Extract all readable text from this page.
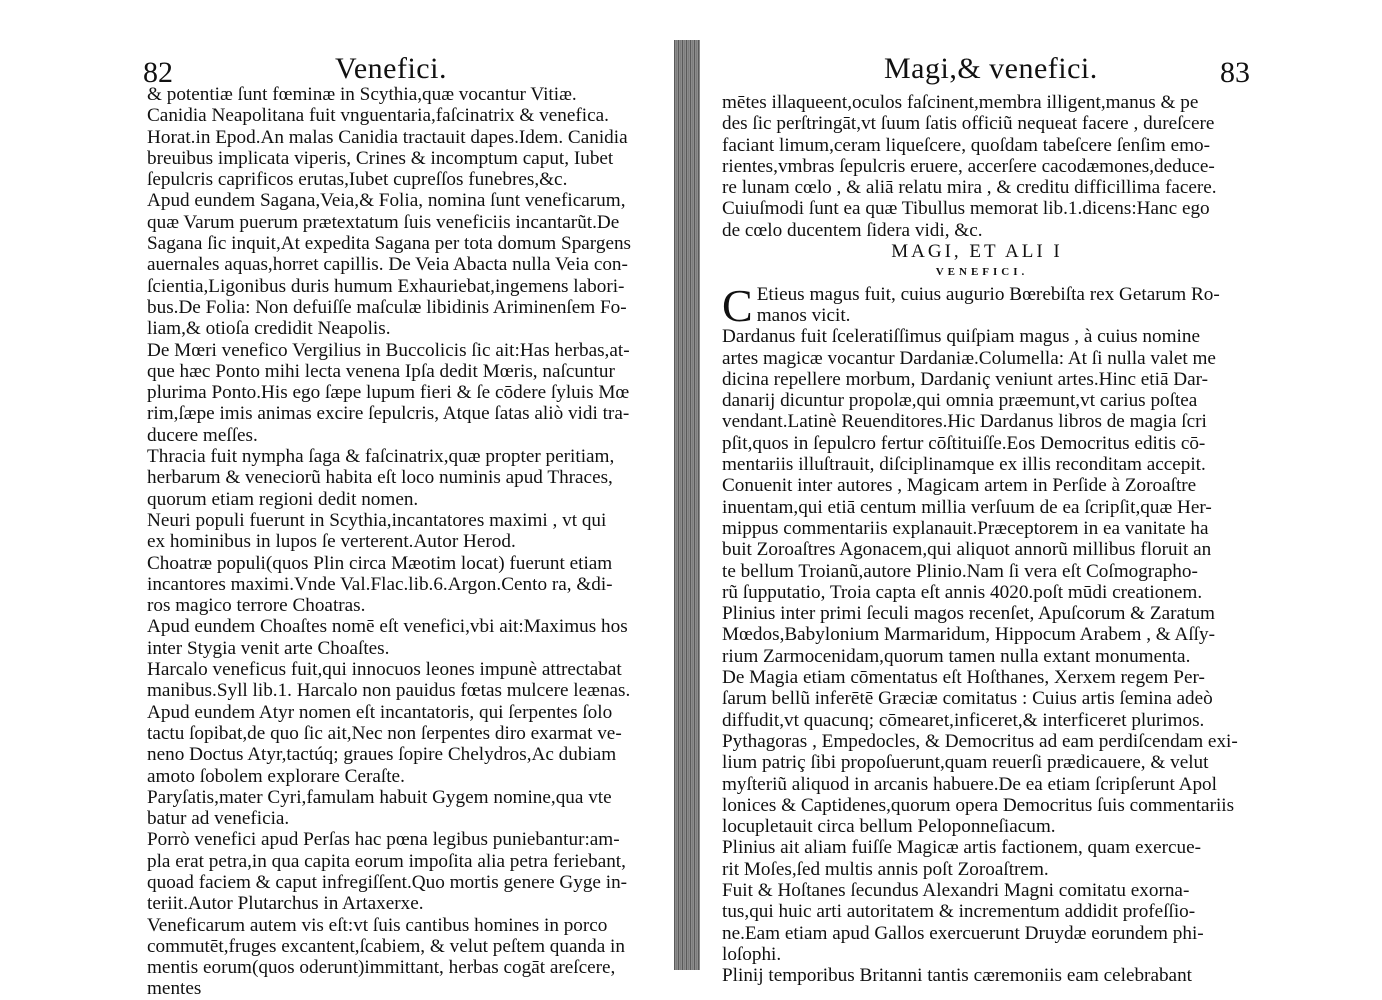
82	Venefici.
& potentiæ ſunt fœminæ in Scythia,quæ vocantur Vitiæ.
Canidia Neapolitana fuit vnguentaria,faſcinatrix & venefica.
Horat.in Epod.An malas Canidia tractauit dapes.Idem. Canidia
breuibus implicata viperis, Crines & incomptum caput, Iubet
ſepulcris caprificos erutas,Iubet cupreſſos funebres,&c.
Apud eundem Sagana,Veia,& Folia, nomina ſunt veneficarum,
quæ Varum puerum prætextatum ſuis veneficiis incantarũt.De
Sagana ſic inquit,At expedita Sagana per tota domum Spargens
auernales aquas,horret capillis. De Veia Abacta nulla Veia con-
ſcientia,Ligonibus duris humum Exhauriebat,ingemens labori-
bus.De Folia: Non defuiſſe maſculæ libidinis Ariminenſem Fo-
liam,& otioſa credidit Neapolis.
De Mœri venefico Vergilius in Buccolicis ſic ait:Has herbas,at-
que hæc Ponto mihi lecta venena Ipſa dedit Mœris, naſcuntur
plurima Ponto.His ego ſæpe lupum fieri & ſe cōdere ſyluis Mœ
rim,ſæpe imis animas excire ſepulcris, Atque ſatas aliò vidi tra-
ducere meſſes.
Thracia fuit nympha ſaga & faſcinatrix,quæ propter peritiam,
herbarum & veneciorũ habita eſt loco numinis apud Thraces,
quorum etiam regioni dedit nomen.
Neuri populi fuerunt in Scythia,incantatores maximi , vt qui
ex hominibus in lupos ſe verterent.Autor Herod.
Choatræ populi(quos Plin circa Mæotim locat) fuerunt etiam
incantores maximi.Vnde Val.Flac.lib.6.Argon.Cento ra, &di-
ros magico terrore Choatras.
Apud eundem Choaſtes nomē eſt venefici,vbi ait:Maximus hos
inter Stygia venit arte Choaſtes.
Harcalo veneficus fuit,qui innocuos leones impunè attrectabat
manibus.Syll lib.1. Harcalo non pauidus fœtas mulcere leænas.
Apud eundem Atyr nomen eſt incantatoris, qui ſerpentes ſolo
tactu ſopibat,de quo ſic ait,Nec non ſerpentes diro exarmat ve-
neno Doctus Atyr,tactúq; graues ſopire Chelydros,Ac dubiam
amoto ſobolem explorare Ceraſte.
Paryſatis,mater Cyri,famulam habuit Gygem nomine,qua vte
batur ad veneficia.
Porrò venefici apud Perſas hac pœna legibus puniebantur:am-
pla erat petra,in qua capita eorum impoſita alia petra feriebant,
quoad faciem & caput infregiſſent.Quo mortis genere Gyge in-
teriit.Autor Plutarchus in Artaxerxe.
Veneficarum autem vis eſt:vt ſuis cantibus homines in porco
commutēt,fruges excantent,ſcabiem, & velut peſtem quanda in
mentis eorum(quos oderunt)immittant, herbas cogāt areſcere,
mentes
Magi,& venefici.	83
mētes illaqueent,oculos faſcinent,membra illigent,manus & pe
des ſic perſtringāt,vt ſuum ſatis officiũ nequeat facere , dureſcere
faciant limum,ceram liqueſcere, quoſdam tabeſcere ſenſim emo-
rientes,vmbras ſepulcris eruere, accerſere cacodæmones,deduce-
re lunam cœlo , & aliā relatu mira , & creditu difficillima facere.
Cuiuſmodi ſunt ea quæ Tibullus memorat lib.1.dicens:Hanc ego
de cœlo ducentem ſidera vidi, &c.
MAGI, ET ALI I
VENEFICI.
C Etieus magus fuit, cuius augurio Bœrebiſta rex Getarum Ro-
manos vicit.
Dardanus fuit ſceleratiſſimus quiſpiam magus , à cuius nomine
artes magicæ vocantur Dardaniæ.Columella: At ſi nulla valet me
dicina repellere morbum, Dardaniç veniunt artes.Hinc etiā Dar-
danarij dicuntur propolæ,qui omnia præemunt,vt carius poſtea
vendant.Latinè Reuenditores.Hic Dardanus libros de magia ſcri
pſit,quos in ſepulcro fertur cōſtituiſſe.Eos Democritus editis cō-
mentariis illuſtrauit, diſciplinamque ex illis reconditam accepit.
Conuenit inter autores , Magicam artem in Perſide à Zoroaſtre
inuentam,qui etiā centum millia verſuum de ea ſcripſit,quæ Her-
mippus commentariis explanauit.Præceptorem in ea vanitate ha
buit Zoroaſtres Agonacem,qui aliquot annorũ millibus floruit an
te bellum Troianũ,autore Plinio.Nam ſi vera eſt Coſmographo-
rũ ſupputatio, Troia capta eſt annis 4020.poſt mūdi creationem.
Plinius inter primi ſeculi magos recenſet, Apuſcorum & Zaratum
Mœdos,Babylonium Marmaridum, Hippocum Arabem , & Aſſy-
rium Zarmocenidam,quorum tamen nulla extant monumenta.
De Magia etiam cōmentatus eſt Hoſthanes, Xerxem regem Per-
ſarum bellũ inferētē Græciæ comitatus : Cuius artis ſemina adeò
diffudit,vt quacunq; cōmearet,inficeret,& interficeret plurimos.
Pythagoras , Empedocles, & Democritus ad eam perdiſcendam exi-
lium patriç ſibi propoſuerunt,quam reuerſi prædicauere, & velut
myſteriũ aliquod in arcanis habuere.De ea etiam ſcripſerunt Apol
lonices & Captidenes,quorum opera Democritus ſuis commentariis
locupletauit circa bellum Peloponneſiacum.
Plinius ait aliam fuiſſe Magicæ artis factionem, quam exercue-
rit Moſes,ſed multis annis poſt Zoroaſtrem.
Fuit & Hoſtanes ſecundus Alexandri Magni comitatu exorna-
tus,qui huic arti autoritatem & incrementum addidit profeſſio-
ne.Eam etiam apud Gallos exercuerunt Druydæ eorundem phi-
loſophi.
Plinij temporibus Britanni tantis cæremoniis eam celebrabant
